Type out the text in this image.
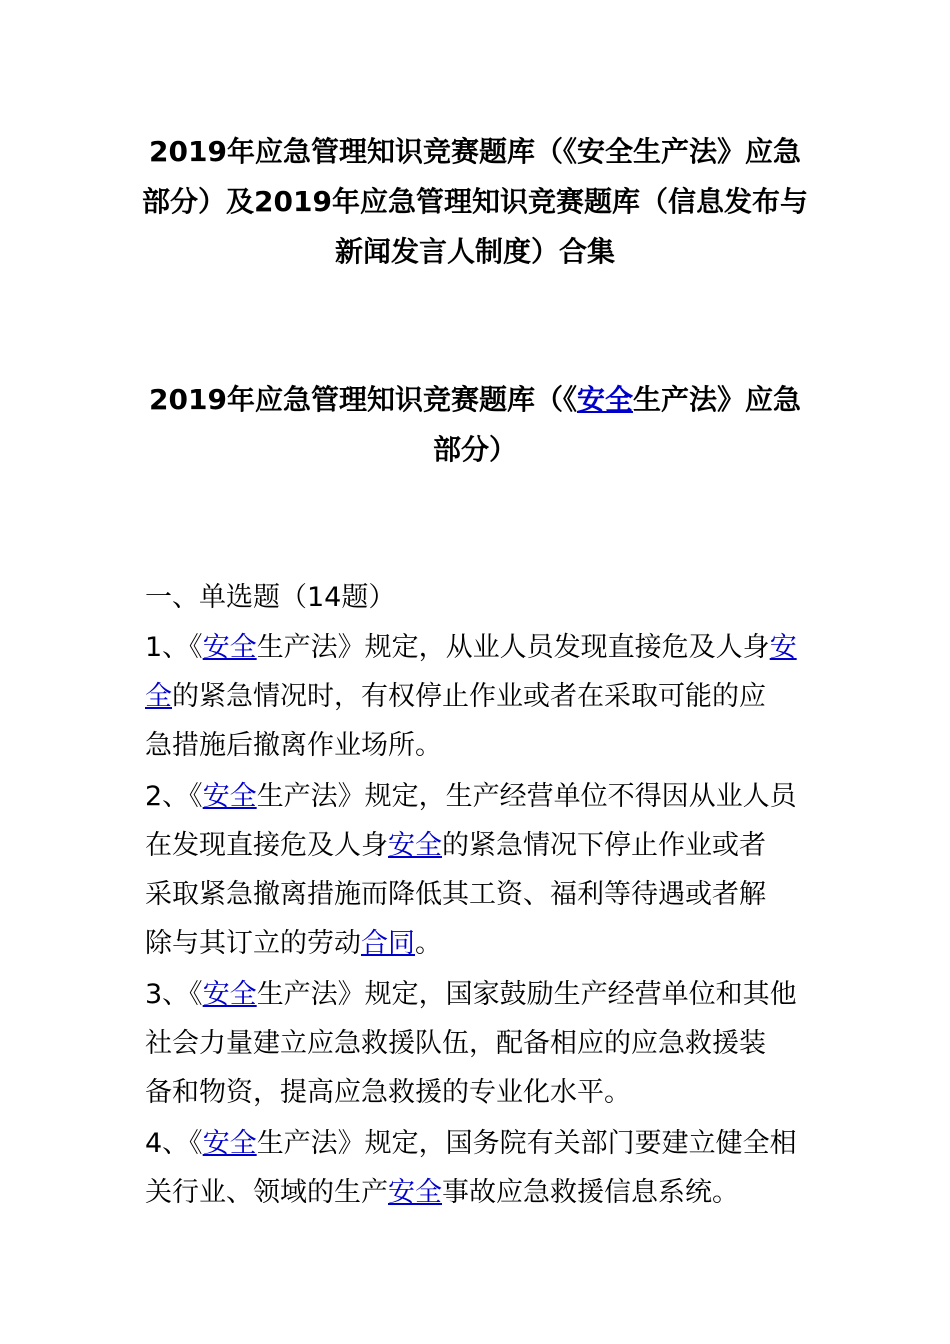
2019年应急管理知识竞赛题库（《安全生产法》应急部分）及2019年应急管理知识竞赛题库（信息发布与新闻发言人制度）合集
2019年应急管理知识竞赛题库（《安全生产法》应急部分）

一、单选题（14题）

1、《安全生产法》规定，从业人员发现直接危及人身安

全的紧急情况时，有权停止作业或者在采取可能的应

急措施后撤离作业场所。

2、《安全生产法》规定，生产经营单位不得因从业人员

在发现直接危及人身安全的紧急情况下停止作业或者

采取紧急撤离措施而降低其工资、福利等待遇或者解

除与其订立的劳动合同。

3、《安全生产法》规定，国家鼓励生产经营单位和其他

社会力量建立应急救援队伍，配备相应的应急救援装

备和物资，提高应急救援的专业化水平。

4、《安全生产法》规定，国务院有关部门要建立健全相

关行业、领域的生产安全事故应急救援信息系统。
